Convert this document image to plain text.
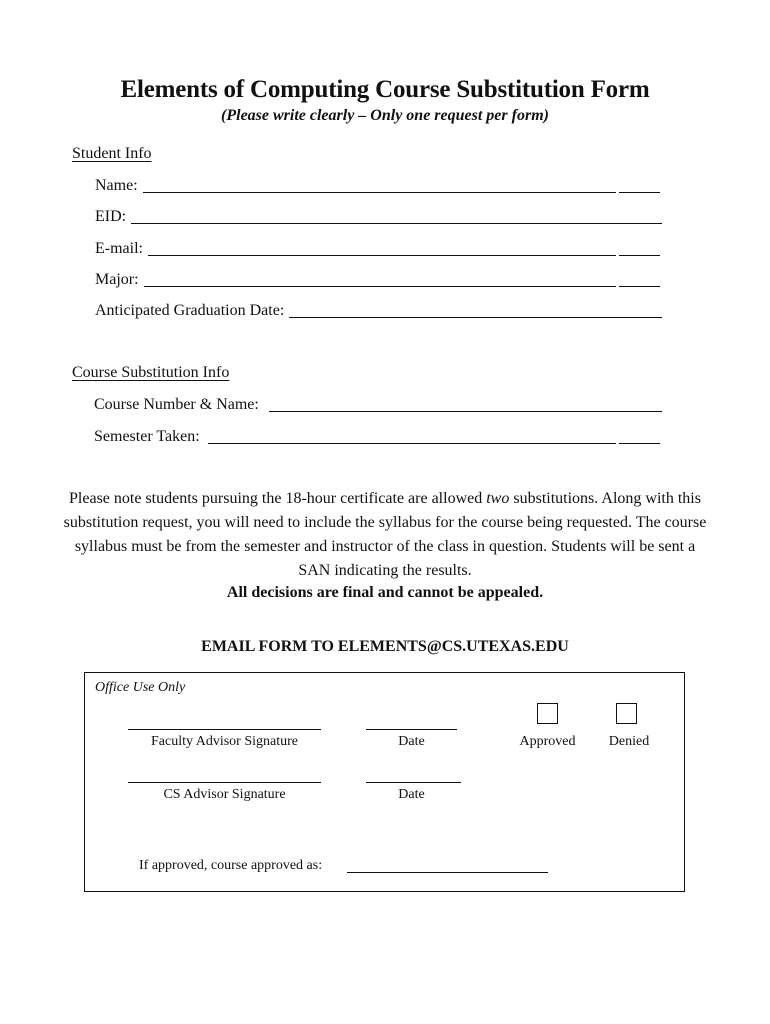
Elements of Computing Course Substitution Form
(Please write clearly – Only one request per form)
Student Info
Name:
EID:
E-mail:
Major:
Anticipated Graduation Date:
Course Substitution Info
Course Number & Name:
Semester Taken:
Please note students pursuing the 18-hour certificate are allowed two substitutions. Along with this substitution request, you will need to include the syllabus for the course being requested. The course syllabus must be from the semester and instructor of the class in question. Students will be sent a SAN indicating the results.
All decisions are final and cannot be appealed.
EMAIL FORM TO ELEMENTS@CS.UTEXAS.EDU
Office Use Only
Faculty Advisor Signature	Date	Approved	Denied
CS Advisor Signature	Date
If approved, course approved as:
